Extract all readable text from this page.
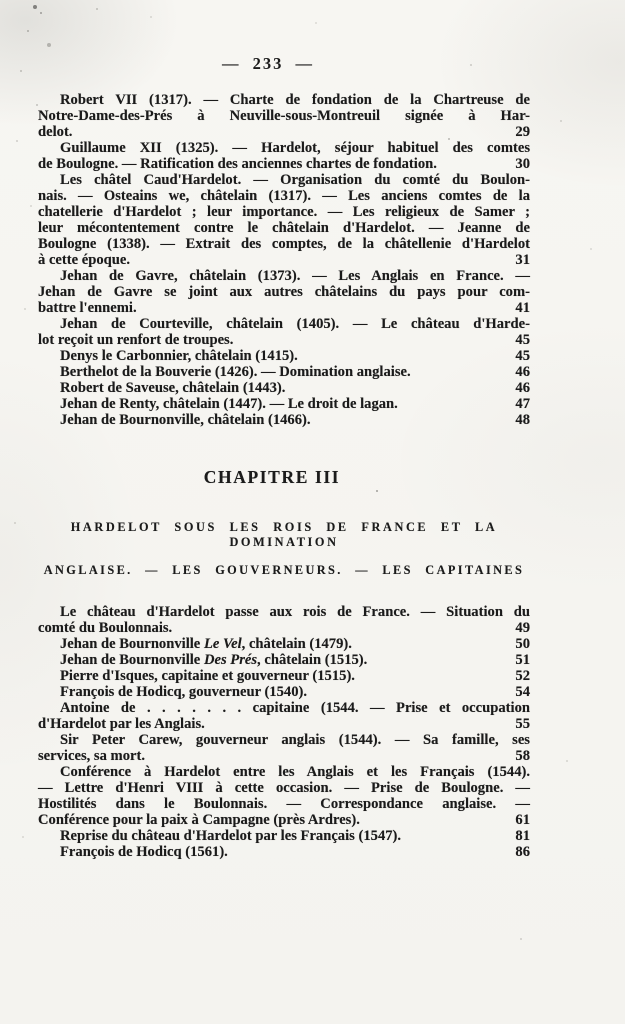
— 233 —
Robert VII (1317). — Charte de fondation de la Chartreuse de
Notre-Dame-des-Prés à Neuville-sous-Montreuil signée à Har-
delot.	29
Guillaume XII (1325). — Hardelot, séjour habituel des comtes
de Boulogne. — Ratification des anciennes chartes de fondation.	30
Les châtel Caud'Hardelot. — Organisation du comté du Boulon-
nais. — Osteains we, châtelain (1317). — Les anciens comtes de la
chatellerie d'Hardelot ; leur importance. — Les religieux de Samer ;
leur mécontentement contre le châtelain d'Hardelot. — Jeanne de
Boulogne (1338). — Extrait des comptes, de la châtellenie d'Hardelot
à cette époque.	31
Jehan de Gavre, châtelain (1373). — Les Anglais en France. —
Jehan de Gavre se joint aux autres châtelains du pays pour com-
battre l'ennemi.	41
Jehan de Courteville, châtelain (1405). — Le château d'Harde-
lot reçoit un renfort de troupes.	45
Denys le Carbonnier, châtelain (1415).	45
Berthelot de la Bouverie (1426). — Domination anglaise.	46
Robert de Saveuse, châtelain (1443).	46
Jehan de Renty, châtelain (1447). — Le droit de lagan.	47
Jehan de Bournonville, châtelain (1466).	48
CHAPITRE III
HARDELOT SOUS LES ROIS DE FRANCE ET LA DOMINATION
ANGLAISE. — LES GOUVERNEURS. — LES CAPITAINES
Le château d'Hardelot passe aux rois de France. — Situation du
comté du Boulonnais.	49
Jehan de Bournonville Le Vel, châtelain (1479).	50
Jehan de Bournonville Des Prés, châtelain (1515).	51
Pierre d'Isques, capitaine et gouverneur (1515).	52
François de Hodicq, gouverneur (1540).	54
Antoine de . . . . . . . capitaine (1544. — Prise et occupation
d'Hardelot par les Anglais.	55
Sir Peter Carew, gouverneur anglais (1544). — Sa famille, ses
services, sa mort.	58
Conférence à Hardelot entre les Anglais et les Français (1544).
— Lettre d'Henri VIII à cette occasion. — Prise de Boulogne. —
Hostilités dans le Boulonnais. — Correspondance anglaise. —
Conférence pour la paix à Campagne (près Ardres).	61
Reprise du château d'Hardelot par les Français (1547).	81
François de Hodicq (1561).	86
